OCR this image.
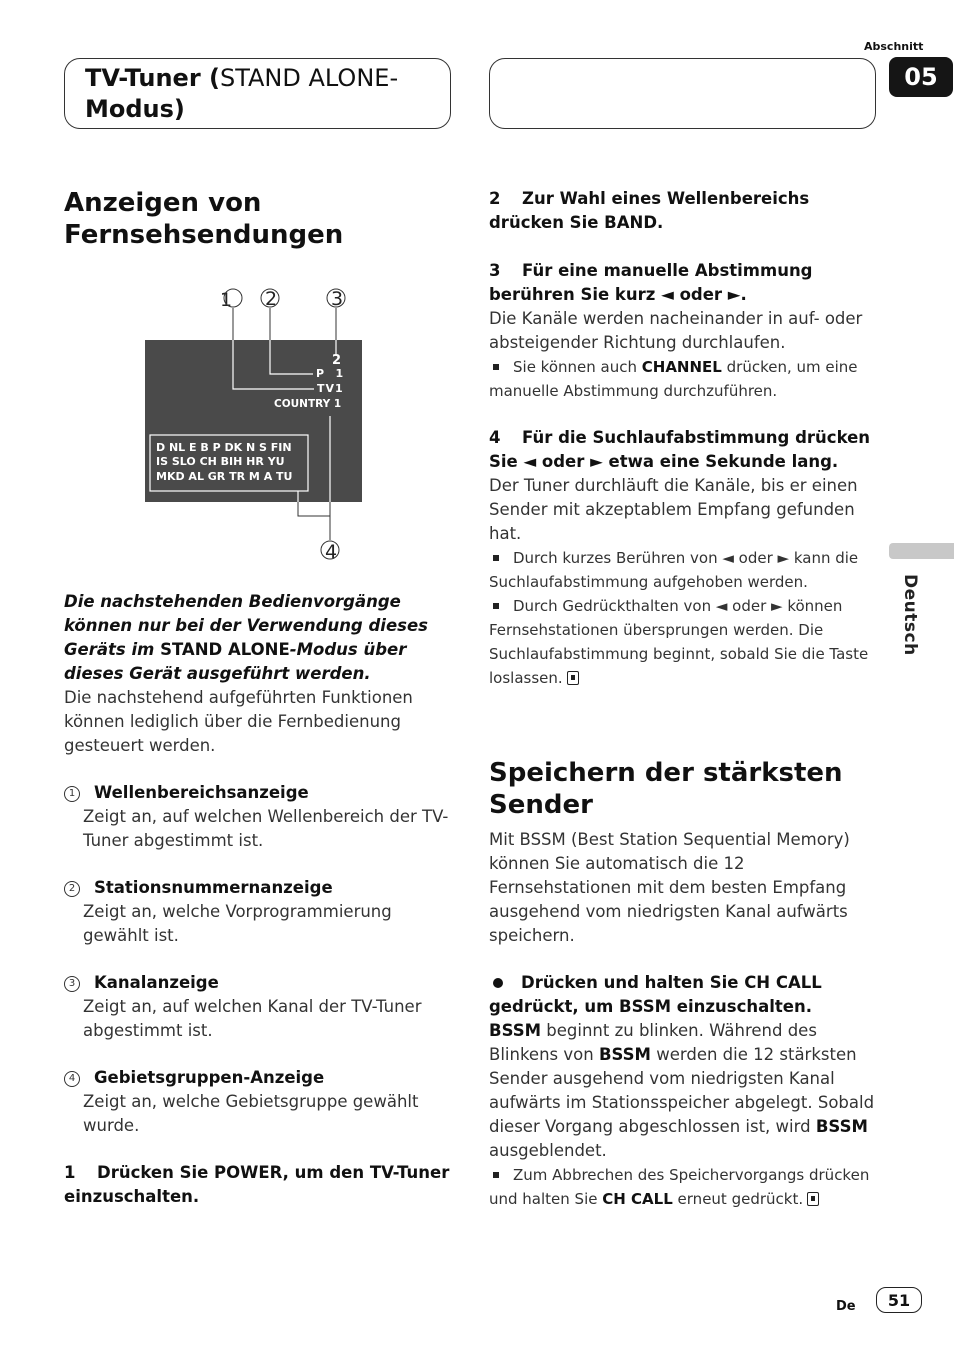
TV-Tuner (STAND ALONE-
Modus)
Abschnitt
05
Deutsch
Anzeigen von Fernsehsendungen
1 2	3
2
P   1
TV1
COUNTRY 1
D NL E B P DK N S FIN
IS SLO CH BIH HR YU
MKD AL GR TR M A TU
4
Die nachstehenden Bedienvorgänge können nur bei der Verwendung dieses Geräts im STAND ALONE-Modus über dieses Gerät ausgeführt werden.
Die nachstehend aufgeführten Funktionen können lediglich über die Fernbedienung gesteuert werden.
1 Wellenbereichsanzeige
Zeigt an, auf welchen Wellenbereich der TV-Tuner abgestimmt ist.
2 Stationsnummernanzeige
Zeigt an, welche Vorprogrammierung gewählt ist.
3 Kanalanzeige
Zeigt an, auf welchen Kanal der TV-Tuner abgestimmt ist.
4 Gebietsgruppen-Anzeige
Zeigt an, welche Gebietsgruppe gewählt wurde.
1 Drücken Sie POWER, um den TV-Tuner einzuschalten.
2 Zur Wahl eines Wellenbereichs drücken Sie BAND.
3 Für eine manuelle Abstimmung berühren Sie kurz ◄ oder ►.
Die Kanäle werden nacheinander in auf- oder absteigender Richtung durchlaufen.
Sie können auch CHANNEL drücken, um eine manuelle Abstimmung durchzuführen.
4 Für die Suchlaufabstimmung drücken Sie ◄ oder ► etwa eine Sekunde lang.
Der Tuner durchläuft die Kanäle, bis er einen Sender mit akzeptablem Empfang gefunden hat.
Durch kurzes Berühren von ◄ oder ► kann die Suchlaufabstimmung aufgehoben werden.
Durch Gedrückthalten von ◄ oder ► können Fernsehstationen übersprungen werden. Die Suchlaufabstimmung beginnt, sobald Sie die Taste loslassen.
Speichern der stärksten Sender
Mit BSSM (Best Station Sequential Memory) können Sie automatisch die 12 Fernsehstationen mit dem besten Empfang ausgehend vom niedrigsten Kanal aufwärts speichern.
Drücken und halten Sie CH CALL gedrückt, um BSSM einzuschalten.
BSSM beginnt zu blinken. Während des Blinkens von BSSM werden die 12 stärksten Sender ausgehend vom niedrigsten Kanal aufwärts im Stationsspeicher abgelegt. Sobald dieser Vorgang abgeschlossen ist, wird BSSM ausgeblendet.
Zum Abbrechen des Speichervorgangs drücken und halten Sie CH CALL erneut gedrückt.
De	51
